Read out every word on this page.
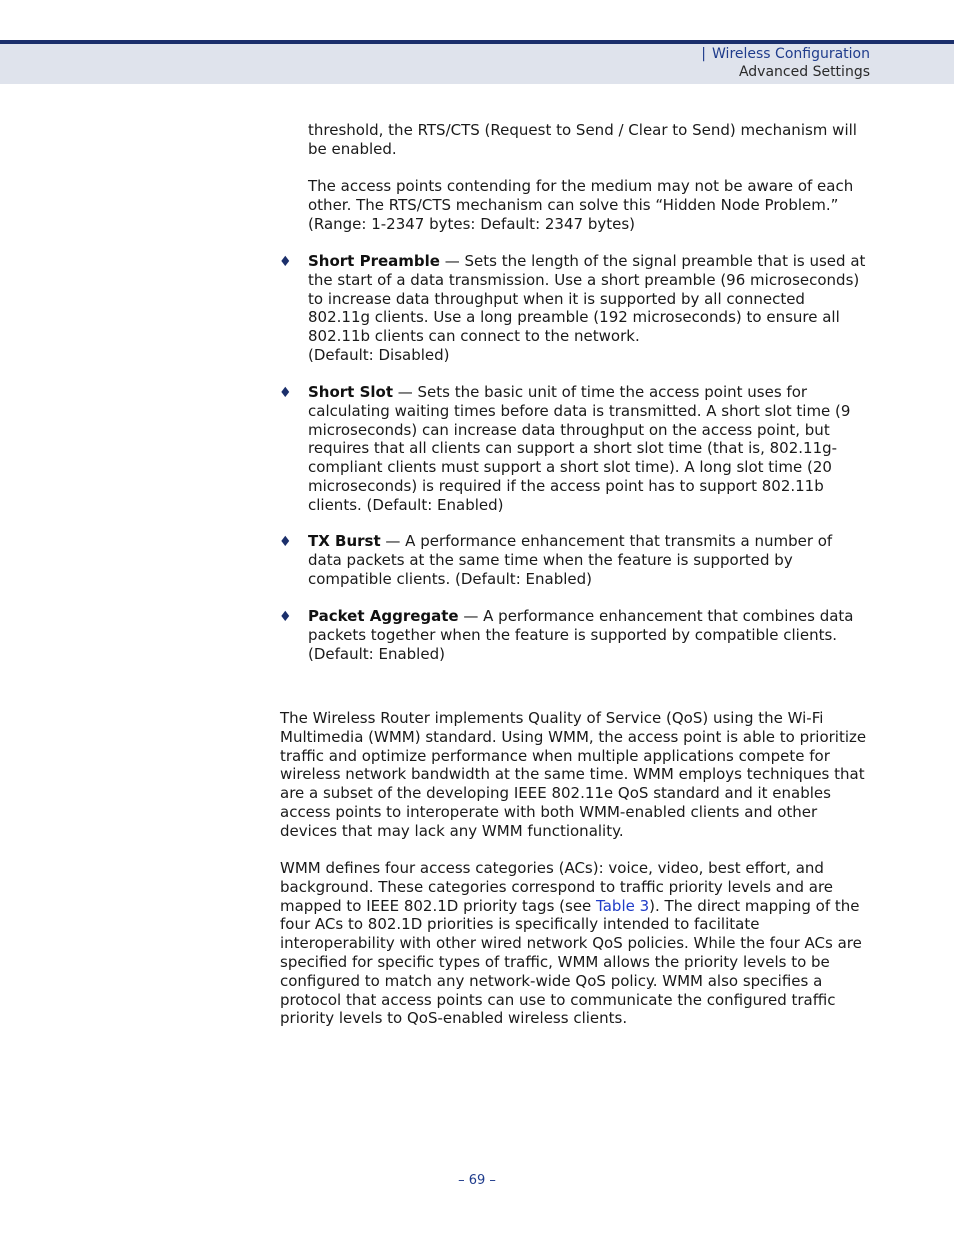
| Wireless Configuration
Advanced Settings

threshold, the RTS/CTS (Request to Send / Clear to Send) mechanism will be enabled.

The access points contending for the medium may not be aware of each other. The RTS/CTS mechanism can solve this “Hidden Node Problem.” (Range: 1-2347 bytes: Default: 2347 bytes)

♦ Short Preamble — Sets the length of the signal preamble that is used at the start of a data transmission. Use a short preamble (96 microseconds) to increase data throughput when it is supported by all connected 802.11g clients. Use a long preamble (192 microseconds) to ensure all 802.11b clients can connect to the network.
(Default: Disabled)

♦ Short Slot — Sets the basic unit of time the access point uses for calculating waiting times before data is transmitted. A short slot time (9 microseconds) can increase data throughput on the access point, but requires that all clients can support a short slot time (that is, 802.11g-compliant clients must support a short slot time). A long slot time (20 microseconds) is required if the access point has to support 802.11b clients. (Default: Enabled)

♦ TX Burst — A performance enhancement that transmits a number of data packets at the same time when the feature is supported by compatible clients. (Default: Enabled)

♦ Packet Aggregate — A performance enhancement that combines data packets together when the feature is supported by compatible clients. (Default: Enabled)

The Wireless Router implements Quality of Service (QoS) using the Wi-Fi Multimedia (WMM) standard. Using WMM, the access point is able to prioritize traffic and optimize performance when multiple applications compete for wireless network bandwidth at the same time. WMM employs techniques that are a subset of the developing IEEE 802.11e QoS standard and it enables access points to interoperate with both WMM-enabled clients and other devices that may lack any WMM functionality.

WMM defines four access categories (ACs): voice, video, best effort, and background. These categories correspond to traffic priority levels and are mapped to IEEE 802.1D priority tags (see Table 3). The direct mapping of the four ACs to 802.1D priorities is specifically intended to facilitate interoperability with other wired network QoS policies. While the four ACs are specified for specific types of traffic, WMM allows the priority levels to be configured to match any network-wide QoS policy. WMM also specifies a protocol that access points can use to communicate the configured traffic priority levels to QoS-enabled wireless clients.

– 69 –
